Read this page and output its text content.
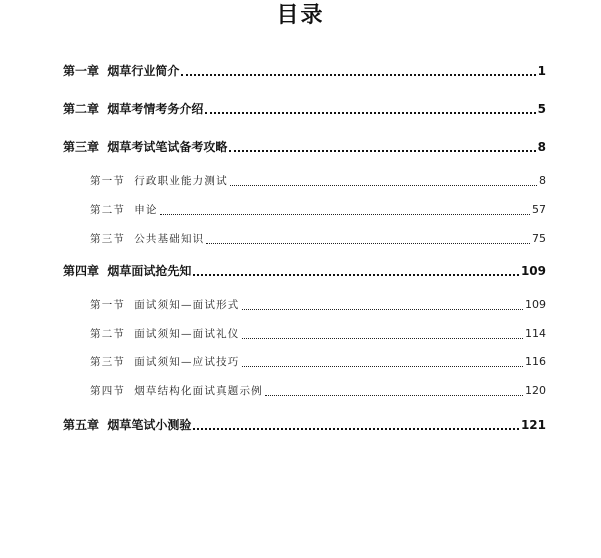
目录
第一章 烟草行业简介	1
第二章 烟草考情考务介绍	5
第三章 烟草考试笔试备考攻略	8
第一节 行政职业能力测试	8
第二节 申论	57
第三节 公共基础知识	75
第四章 烟草面试抢先知	109
第一节 面试须知—面试形式	109
第二节 面试须知—面试礼仪	114
第三节 面试须知—应试技巧	116
第四节 烟草结构化面试真题示例	120
第五章 烟草笔试小测验	121
